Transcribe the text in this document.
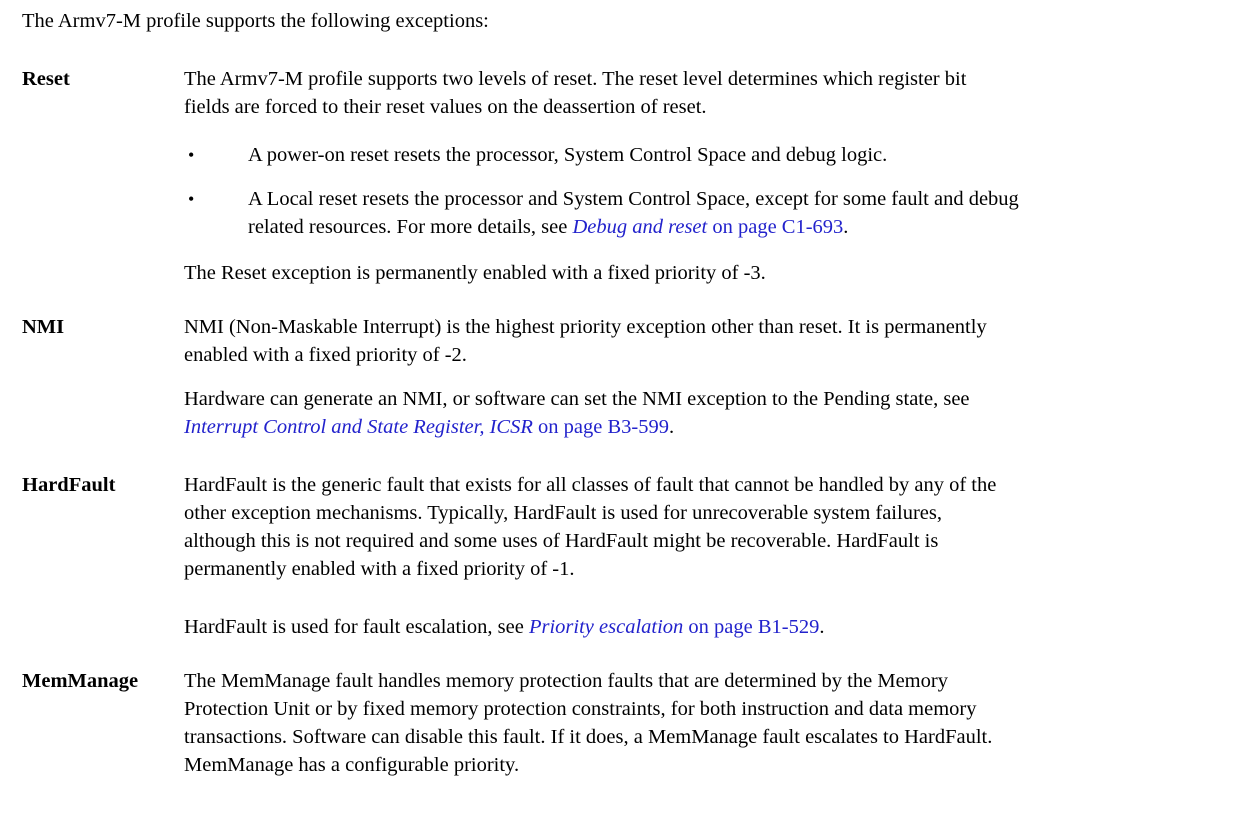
The Armv7-M profile supports the following exceptions:

Reset	The Armv7-M profile supports two levels of reset. The reset level determines which register bit

fields are forced to their reset values on the deassertion of reset.

•	A power-on reset resets the processor, System Control Space and debug logic.

•	A Local reset resets the processor and System Control Space, except for some fault and debug

related resources. For more details, see Debug and reset on page C1-693.

The Reset exception is permanently enabled with a fixed priority of -3.

NMI	NMI (Non-Maskable Interrupt) is the highest priority exception other than reset. It is permanently

enabled with a fixed priority of -2.

Hardware can generate an NMI, or software can set the NMI exception to the Pending state, see

Interrupt Control and State Register, ICSR on page B3-599.

HardFault	HardFault is the generic fault that exists for all classes of fault that cannot be handled by any of the

other exception mechanisms. Typically, HardFault is used for unrecoverable system failures,

although this is not required and some uses of HardFault might be recoverable. HardFault is

permanently enabled with a fixed priority of -1.

HardFault is used for fault escalation, see Priority escalation on page B1-529.

MemManage The MemManage fault handles memory protection faults that are determined by the Memory

Protection Unit or by fixed memory protection constraints, for both instruction and data memory

transactions. Software can disable this fault. If it does, a MemManage fault escalates to HardFault.

MemManage has a configurable priority.
